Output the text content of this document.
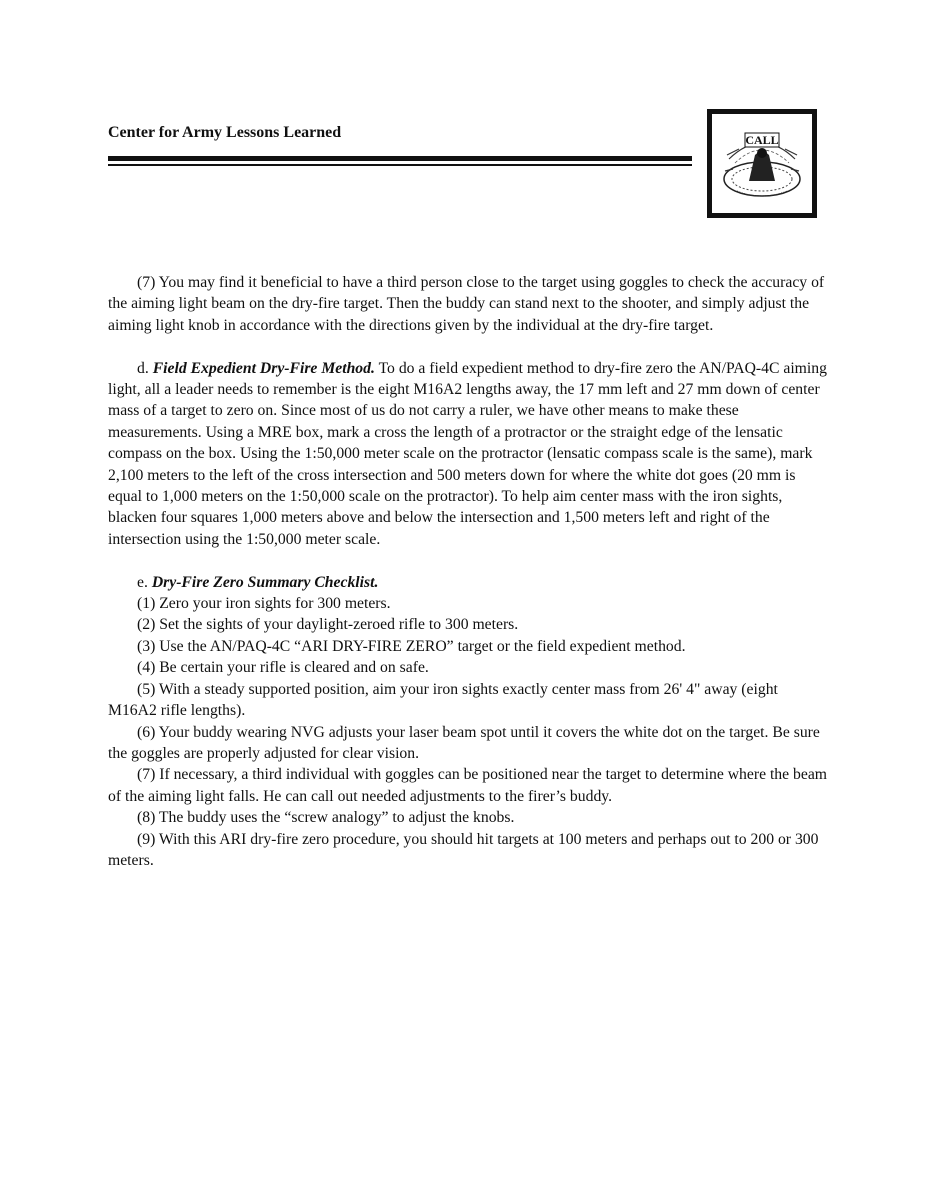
Center for Army Lessons Learned	CALL

(7) You may find it beneficial to have a third person close to the target using goggles to check the accuracy of the aiming light beam on the dry-fire target. Then the buddy can stand next to the shooter, and simply adjust the aiming light knob in accordance with the directions given by the individual at the dry-fire target.

d. Field Expedient Dry-Fire Method. To do a field expedient method to dry-fire zero the AN/PAQ-4C aiming light, all a leader needs to remember is the eight M16A2 lengths away, the 17 mm left and 27 mm down of center mass of a target to zero on. Since most of us do not carry a ruler, we have other means to make these measurements. Using a MRE box, mark a cross the length of a protractor or the straight edge of the lensatic compass on the box. Using the 1:50,000 meter scale on the protractor (lensatic compass scale is the same), mark 2,100 meters to the left of the cross intersection and 500 meters down for where the white dot goes (20 mm is equal to 1,000 meters on the 1:50,000 scale on the protractor). To help aim center mass with the iron sights, blacken four squares 1,000 meters above and below the intersection and 1,500 meters left and right of the intersection using the 1:50,000 meter scale.

e. Dry-Fire Zero Summary Checklist.

(1) Zero your iron sights for 300 meters.

(2) Set the sights of your daylight-zeroed rifle to 300 meters.

(3) Use the AN/PAQ-4C “ARI DRY-FIRE ZERO” target or the field expedient method.

(4) Be certain your rifle is cleared and on safe.

(5) With a steady supported position, aim your iron sights exactly center mass from 26' 4" away (eight M16A2 rifle lengths).

(6) Your buddy wearing NVG adjusts your laser beam spot until it covers the white dot on the target. Be sure the goggles are properly adjusted for clear vision.

(7) If necessary, a third individual with goggles can be positioned near the target to determine where the beam of the aiming light falls. He can call out needed adjustments to the firer’s buddy.

(8) The buddy uses the “screw analogy” to adjust the knobs.

(9) With this ARI dry-fire zero procedure, you should hit targets at 100 meters and perhaps out to 200 or 300 meters.
